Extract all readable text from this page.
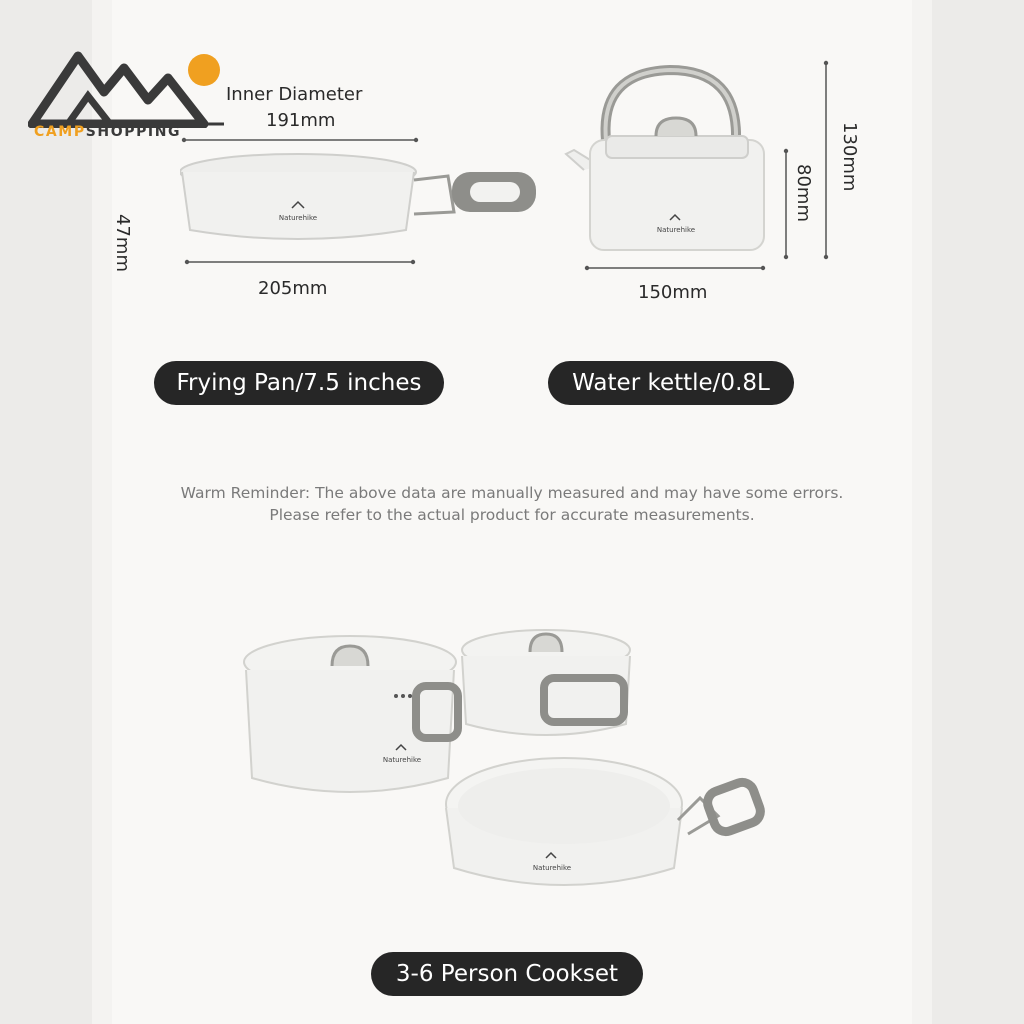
CAMPSHOPPING
Inner Diameter
191mm
Naturehike
47mm
205mm
Naturehike
130mm
80mm
150mm
Frying Pan/7.5 inches	Water kettle/0.8L
Warm Reminder: The above data are manually measured and may have some errors.
Please refer to the actual product for accurate measurements.
Naturehike
Naturehike
3-6 Person Cookset
